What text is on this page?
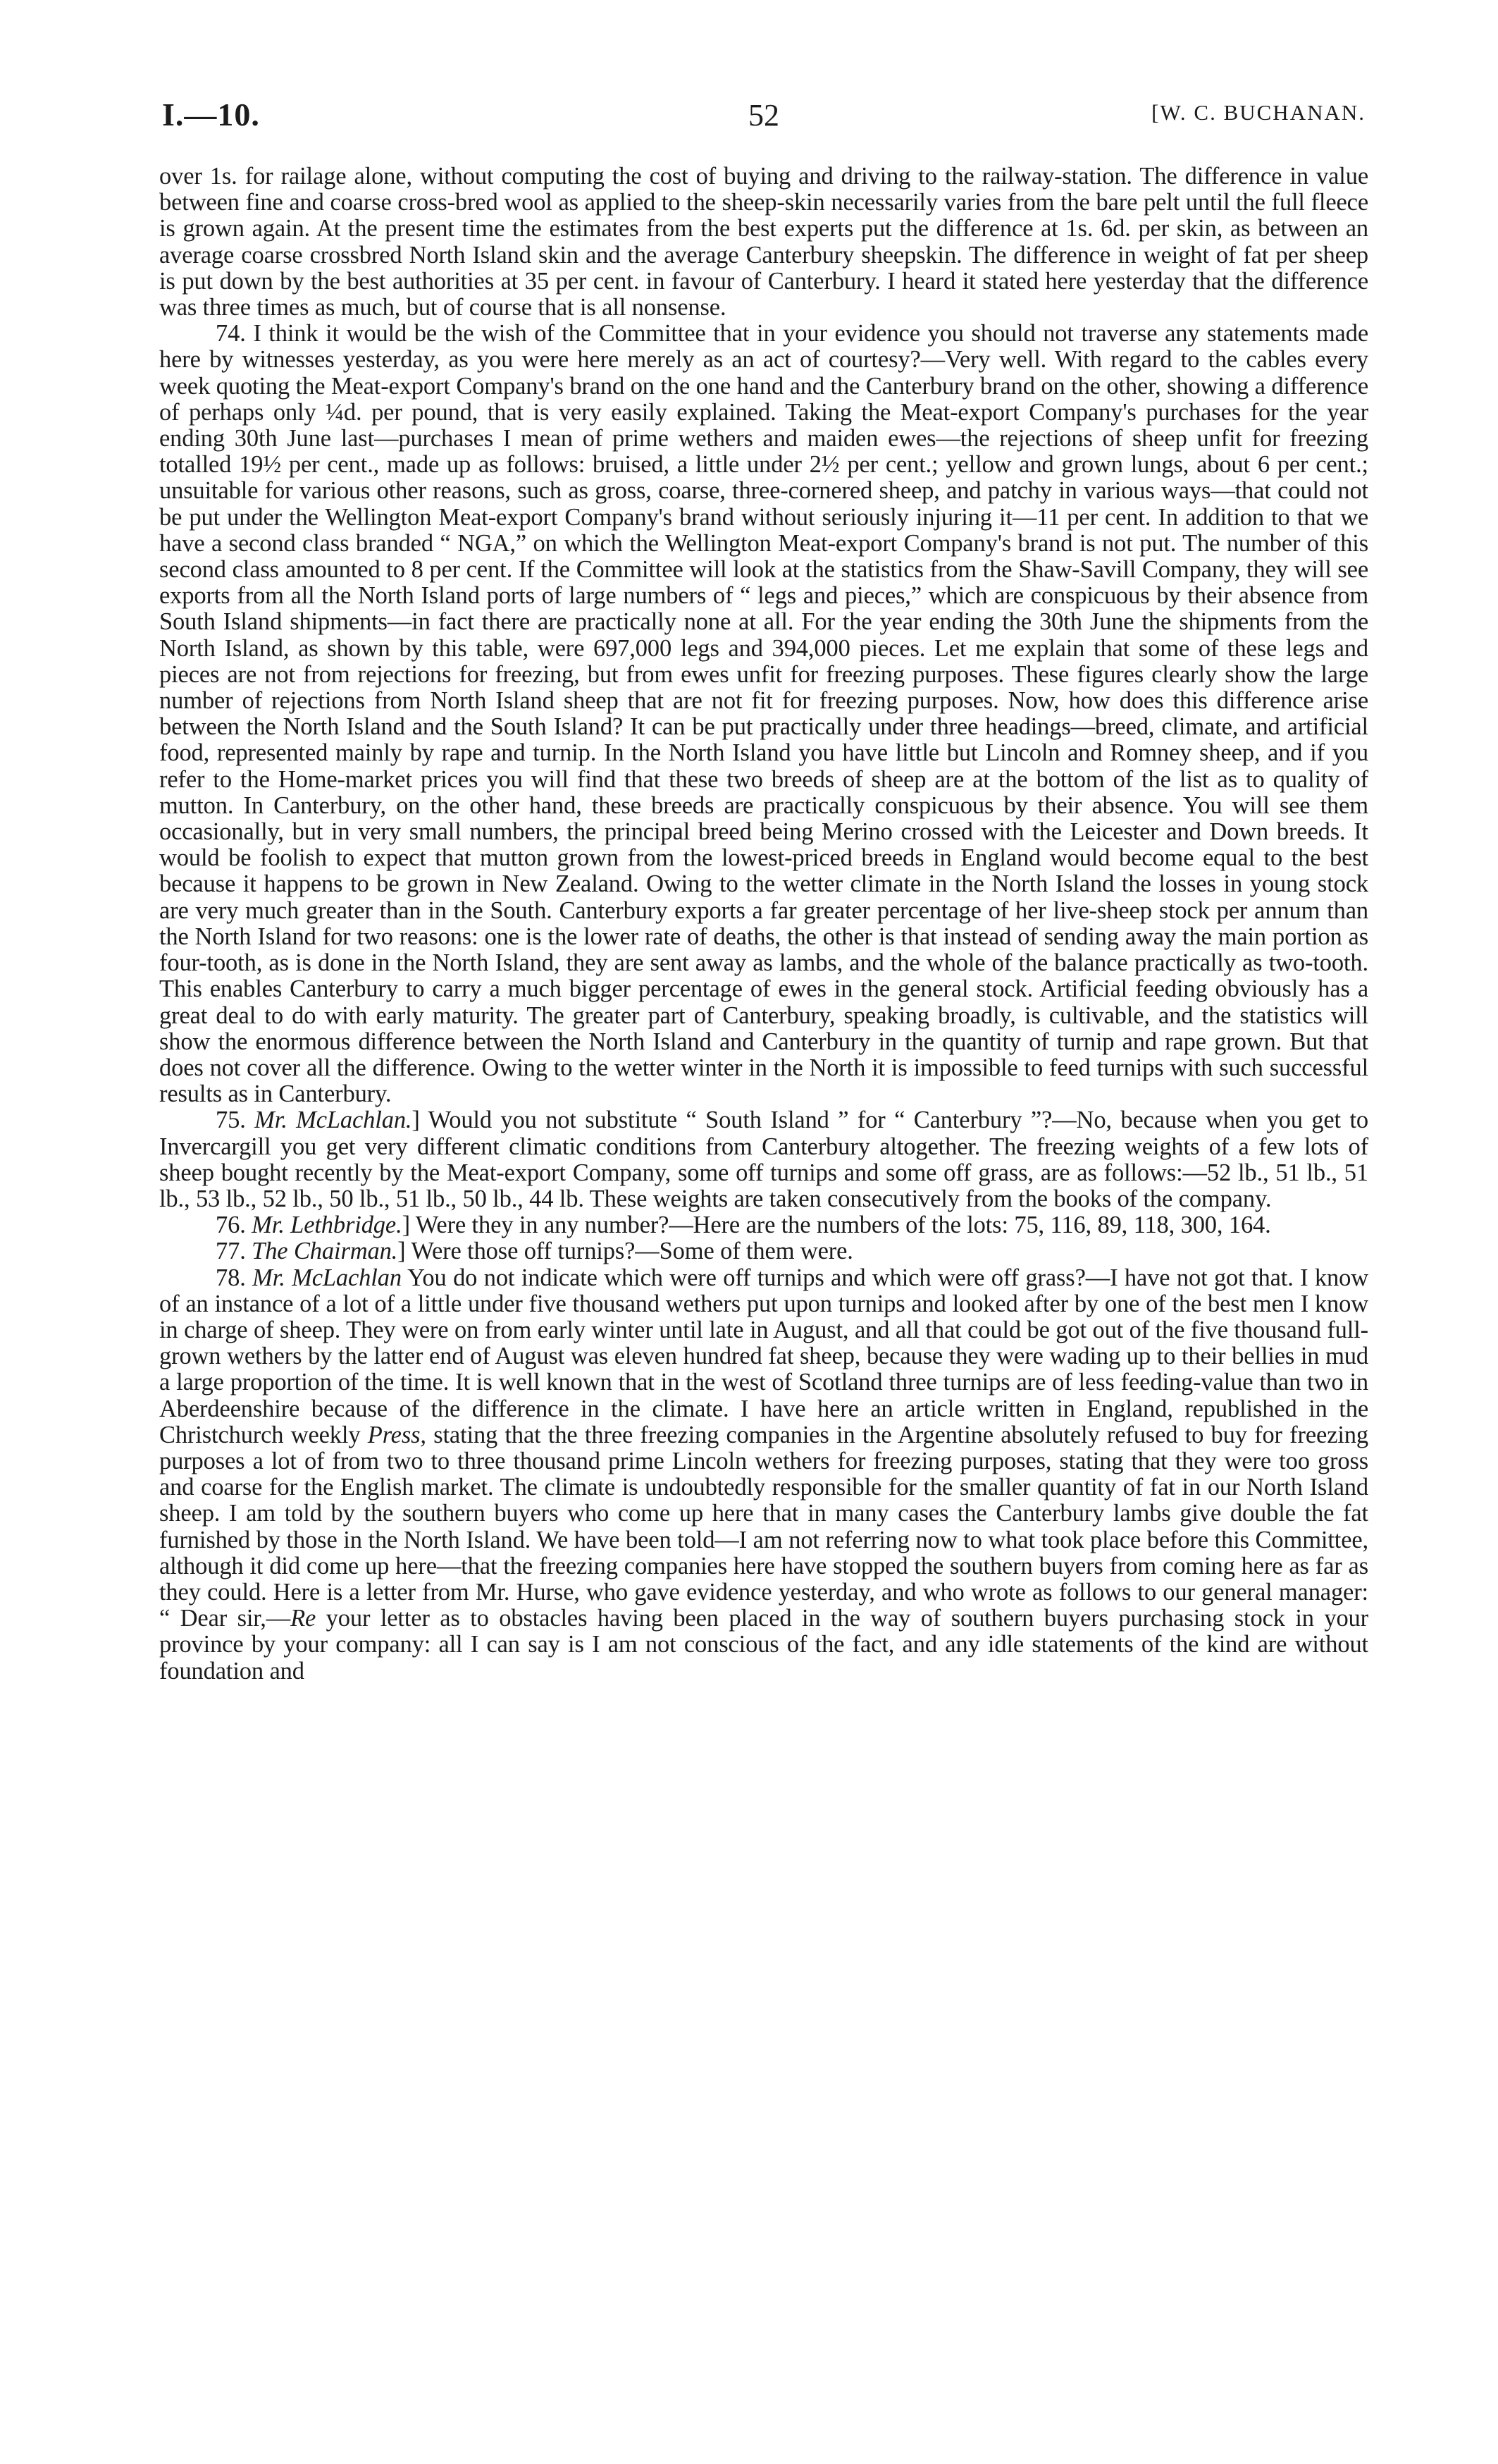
I.—10.	52	[W. C. BUCHANAN.

over 1s. for railage alone, without computing the cost of buying and driving to the railway-station. The difference in value between fine and coarse cross-bred wool as applied to the sheep-skin necessarily varies from the bare pelt until the full fleece is grown again. At the present time the estimates from the best experts put the difference at 1s. 6d. per skin, as between an average coarse crossbred North Island skin and the average Canterbury sheepskin. The difference in weight of fat per sheep is put down by the best authorities at 35 per cent. in favour of Canterbury. I heard it stated here yesterday that the difference was three times as much, but of course that is all nonsense.

74. I think it would be the wish of the Committee that in your evidence you should not traverse any statements made here by witnesses yesterday, as you were here merely as an act of courtesy?—Very well. With regard to the cables every week quoting the Meat-export Company's brand on the one hand and the Canterbury brand on the other, showing a difference of perhaps only ¼d. per pound, that is very easily explained. Taking the Meat-export Company's purchases for the year ending 30th June last—purchases I mean of prime wethers and maiden ewes—the rejections of sheep unfit for freezing totalled 19½ per cent., made up as follows: bruised, a little under 2½ per cent.; yellow and grown lungs, about 6 per cent.; unsuitable for various other reasons, such as gross, coarse, three-cornered sheep, and patchy in various ways—that could not be put under the Wellington Meat-export Company's brand without seriously injuring it—11 per cent. In addition to that we have a second class branded “ NGA,” on which the Wellington Meat-export Company's brand is not put. The number of this second class amounted to 8 per cent. If the Committee will look at the statistics from the Shaw-Savill Company, they will see exports from all the North Island ports of large numbers of “ legs and pieces,” which are conspicuous by their absence from South Island shipments—in fact there are practically none at all. For the year ending the 30th June the shipments from the North Island, as shown by this table, were 697,000 legs and 394,000 pieces. Let me explain that some of these legs and pieces are not from rejections for freezing, but from ewes unfit for freezing purposes. These figures clearly show the large number of rejections from North Island sheep that are not fit for freezing purposes. Now, how does this difference arise between the North Island and the South Island? It can be put practically under three headings—breed, climate, and artificial food, represented mainly by rape and turnip. In the North Island you have little but Lincoln and Romney sheep, and if you refer to the Home-market prices you will find that these two breeds of sheep are at the bottom of the list as to quality of mutton. In Canterbury, on the other hand, these breeds are practically conspicuous by their absence. You will see them occasionally, but in very small numbers, the principal breed being Merino crossed with the Leicester and Down breeds. It would be foolish to expect that mutton grown from the lowest-priced breeds in England would become equal to the best because it happens to be grown in New Zealand. Owing to the wetter climate in the North Island the losses in young stock are very much greater than in the South. Canterbury exports a far greater percentage of her live-sheep stock per annum than the North Island for two reasons: one is the lower rate of deaths, the other is that instead of sending away the main portion as four-tooth, as is done in the North Island, they are sent away as lambs, and the whole of the balance practically as two-tooth. This enables Canterbury to carry a much bigger percentage of ewes in the general stock. Artificial feeding obviously has a great deal to do with early maturity. The greater part of Canterbury, speaking broadly, is cultivable, and the statistics will show the enormous difference between the North Island and Canterbury in the quantity of turnip and rape grown. But that does not cover all the difference. Owing to the wetter winter in the North it is impossible to feed turnips with such successful results as in Canterbury.

75. Mr. McLachlan.] Would you not substitute “ South Island ” for “ Canterbury ”?—No, because when you get to Invercargill you get very different climatic conditions from Canterbury altogether. The freezing weights of a few lots of sheep bought recently by the Meat-export Company, some off turnips and some off grass, are as follows:—52 lb., 51 lb., 51 lb., 53 lb., 52 lb., 50 lb., 51 lb., 50 lb., 44 lb. These weights are taken consecutively from the books of the company.

76. Mr. Lethbridge.] Were they in any number?—Here are the numbers of the lots: 75, 116, 89, 118, 300, 164.

77. The Chairman.] Were those off turnips?—Some of them were.

78. Mr. McLachlan You do not indicate which were off turnips and which were off grass?—I have not got that. I know of an instance of a lot of a little under five thousand wethers put upon turnips and looked after by one of the best men I know in charge of sheep. They were on from early winter until late in August, and all that could be got out of the five thousand full-grown wethers by the latter end of August was eleven hundred fat sheep, because they were wading up to their bellies in mud a large proportion of the time. It is well known that in the west of Scotland three turnips are of less feeding-value than two in Aberdeenshire because of the difference in the climate. I have here an article written in England, republished in the Christchurch weekly Press, stating that the three freezing companies in the Argentine absolutely refused to buy for freezing purposes a lot of from two to three thousand prime Lincoln wethers for freezing purposes, stating that they were too gross and coarse for the English market. The climate is undoubtedly responsible for the smaller quantity of fat in our North Island sheep. I am told by the southern buyers who come up here that in many cases the Canterbury lambs give double the fat furnished by those in the North Island. We have been told—I am not referring now to what took place before this Committee, although it did come up here—that the freezing companies here have stopped the southern buyers from coming here as far as they could. Here is a letter from Mr. Hurse, who gave evidence yesterday, and who wrote as follows to our general manager: “ Dear sir,—Re your letter as to obstacles having been placed in the way of southern buyers purchasing stock in your province by your company: all I can say is I am not conscious of the fact, and any idle statements of the kind are without foundation and
